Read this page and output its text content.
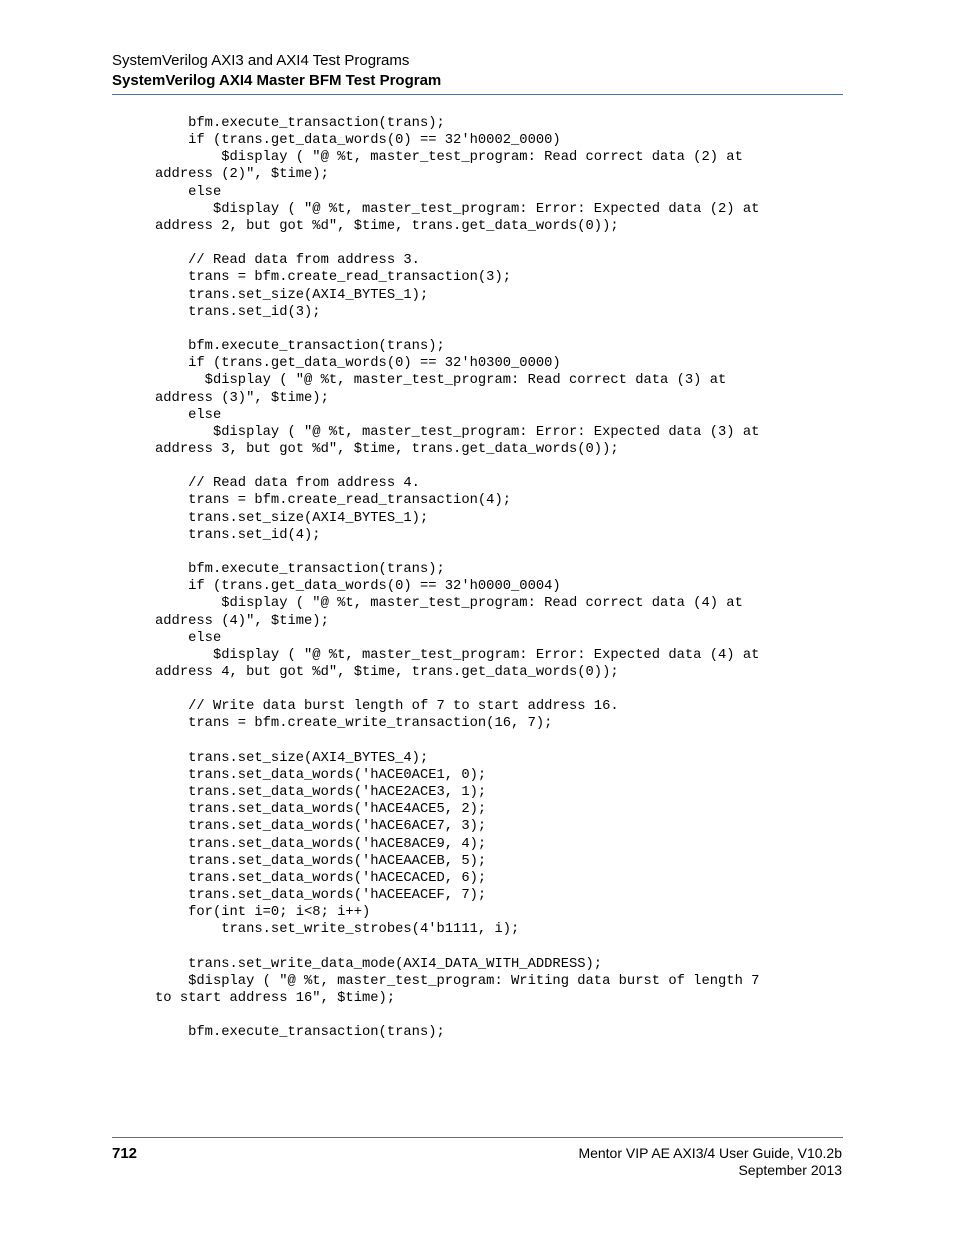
SystemVerilog AXI3 and AXI4 Test Programs
SystemVerilog AXI4 Master BFM Test Program
bfm.execute_transaction(trans);
if (trans.get_data_words(0) == 32'h0002_0000)
$display ( "@ %t, master_test_program: Read correct data (2) at
address (2)", $time);
else
$display ( "@ %t, master_test_program: Error: Expected data (2) at
address 2, but got %d", $time, trans.get_data_words(0));

// Read data from address 3.
trans = bfm.create_read_transaction(3);
trans.set_size(AXI4_BYTES_1);
trans.set_id(3);

bfm.execute_transaction(trans);
if (trans.get_data_words(0) == 32'h0300_0000)
$display ( "@ %t, master_test_program: Read correct data (3) at
address (3)", $time);
else
$display ( "@ %t, master_test_program: Error: Expected data (3) at
address 3, but got %d", $time, trans.get_data_words(0));

// Read data from address 4.
trans = bfm.create_read_transaction(4);
trans.set_size(AXI4_BYTES_1);
trans.set_id(4);

bfm.execute_transaction(trans);
if (trans.get_data_words(0) == 32'h0000_0004)
$display ( "@ %t, master_test_program: Read correct data (4) at
address (4)", $time);
else
$display ( "@ %t, master_test_program: Error: Expected data (4) at
address 4, but got %d", $time, trans.get_data_words(0));

// Write data burst length of 7 to start address 16.
trans = bfm.create_write_transaction(16, 7);

trans.set_size(AXI4_BYTES_4);
trans.set_data_words('hACE0ACE1, 0);
trans.set_data_words('hACE2ACE3, 1);
trans.set_data_words('hACE4ACE5, 2);
trans.set_data_words('hACE6ACE7, 3);
trans.set_data_words('hACE8ACE9, 4);
trans.set_data_words('hACEAACEB, 5);
trans.set_data_words('hACECACED, 6);
trans.set_data_words('hACEEACEF, 7);
for(int i=0; i<8; i++)
trans.set_write_strobes(4'b1111, i);

trans.set_write_data_mode(AXI4_DATA_WITH_ADDRESS);
$display ( "@ %t, master_test_program: Writing data burst of length 7
to start address 16", $time);

bfm.execute_transaction(trans);
712	Mentor VIP AE AXI3/4 User Guide, V10.2b
September 2013
